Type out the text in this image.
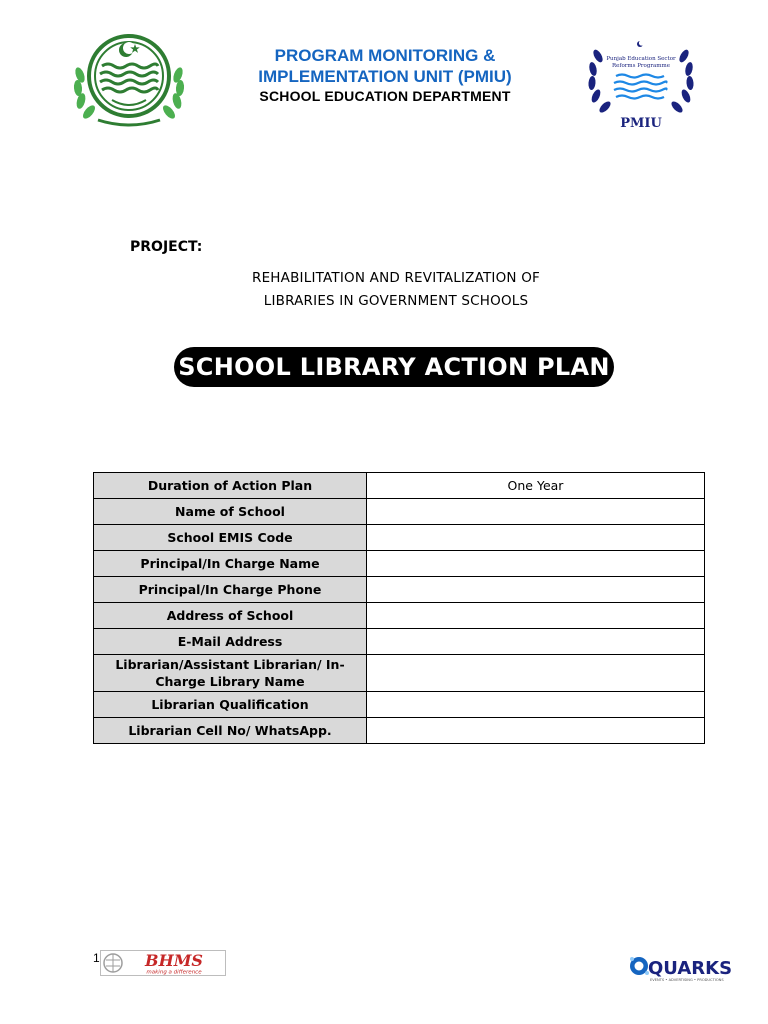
PROGRAM MONITORING &
IMPLEMENTATION UNIT (PMIU)
SCHOOL EDUCATION DEPARTMENT
Punjab Education Sector
Reforms Programme
PMIU
PROJECT:
REHABILITATION AND REVITALIZATION OF
LIBRARIES IN GOVERNMENT SCHOOLS
SCHOOL LIBRARY ACTION PLAN
Duration of Action Plan	One Year
Name of School	
School EMIS Code	
Principal/In Charge Name	
Principal/In Charge Phone	
Address of School	
E-Mail Address	
Librarian/Assistant Librarian/ In-Charge Library Name	
Librarian Qualification	
Librarian Cell No/ WhatsApp.	
1	BHMS
making a difference	QUARKS
EVENTS • ADVERTISING • PRODUCTIONS
